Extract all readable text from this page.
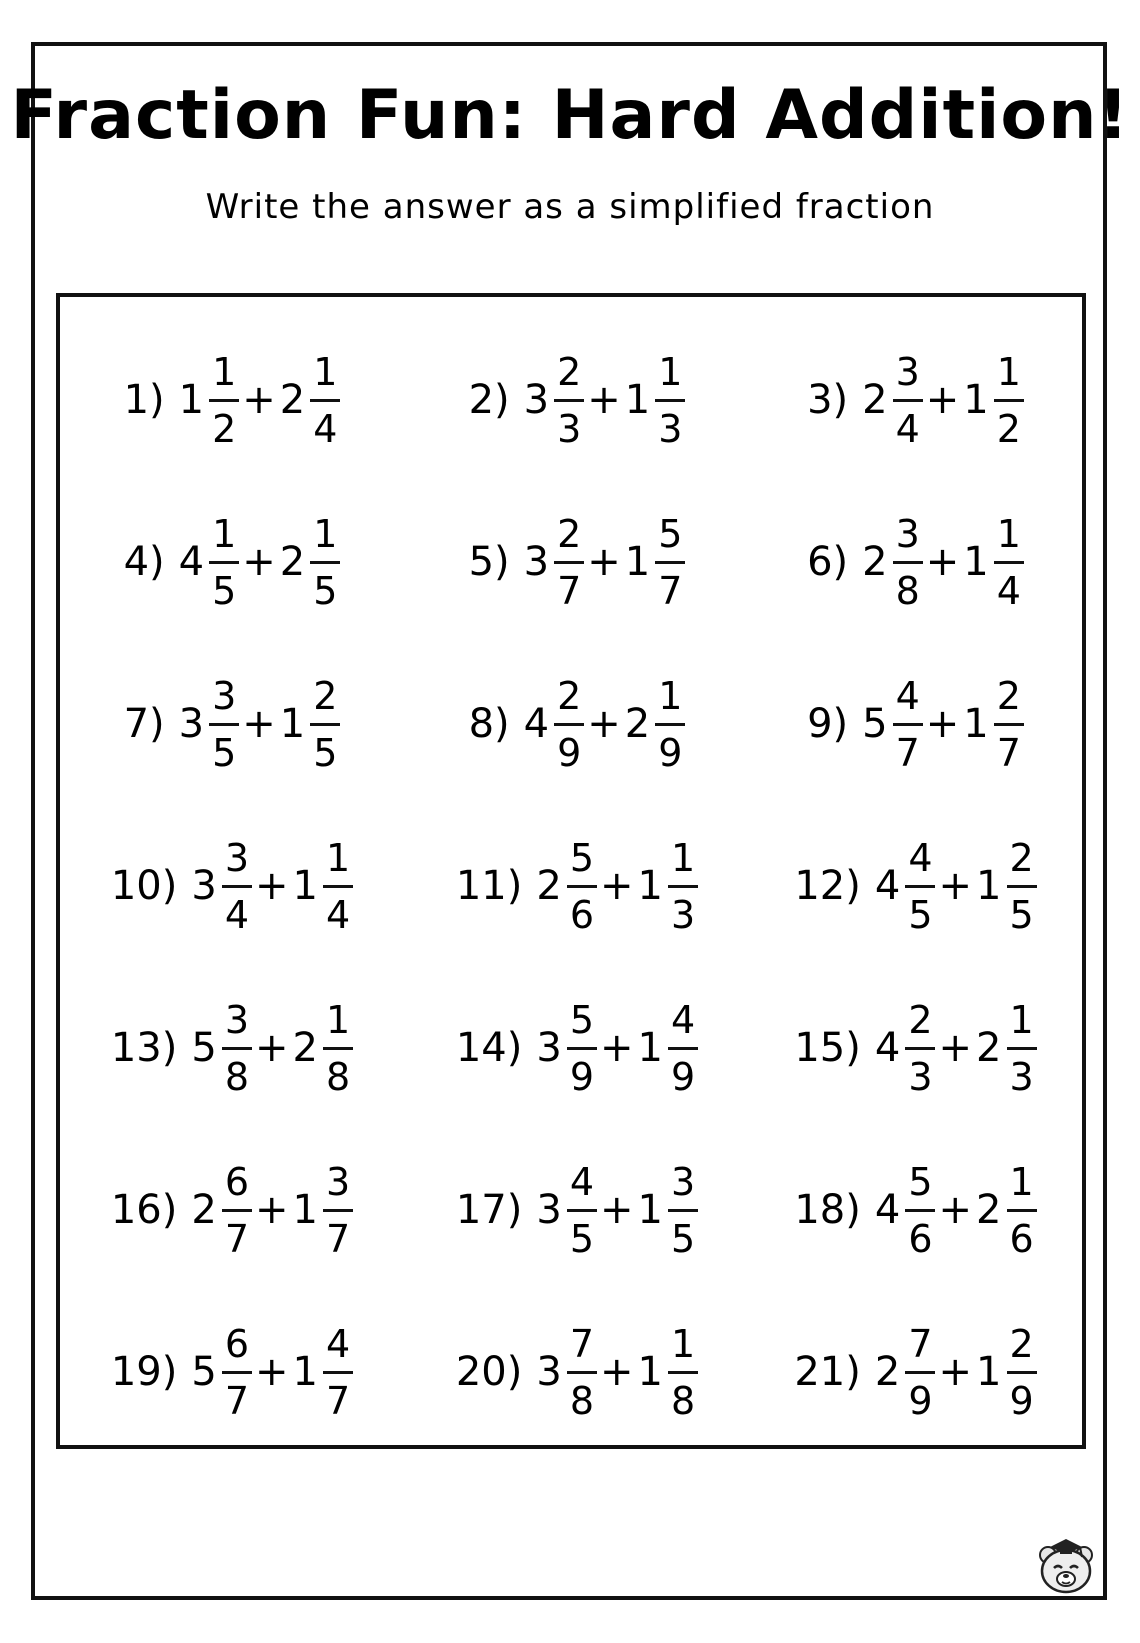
Fraction Fun: Hard Addition!
Write the answer as a simplified fraction
1) $1 \frac{1}{2} + 2 \frac{1}{4}$	2) $3 \frac{2}{3} + 1 \frac{1}{3}$	3) $2 \frac{3}{4} + 1 \frac{1}{2}$
4) $4 \frac{1}{5} + 2 \frac{1}{5}$	5) $3 \frac{2}{7} + 1 \frac{5}{7}$	6) $2 \frac{3}{8} + 1 \frac{1}{4}$
7) $3 \frac{3}{5} + 1 \frac{2}{5}$	8) $4 \frac{2}{9} + 2 \frac{1}{9}$	9) $5 \frac{4}{7} + 1 \frac{2}{7}$
10) $3 \frac{3}{4} + 1 \frac{1}{4}$	11) $2 \frac{5}{6} + 1 \frac{1}{3} 12$) $4 \frac{4}{5} + 1 \frac{2}{5}$
13) $5 \frac{3}{8} + 2 \frac{1}{8}$	14) $3 \frac{5}{9} + 1 \frac{4}{9} 15$) $4 \frac{2}{3} + 2 \frac{1}{3}$
16) $2 \frac{6}{7} + 1 \frac{3}{7}$	17) $3 \frac{4}{5} + 1 \frac{3}{5} 18$) $4 \frac{5}{6} + 2 \frac{1}{6}$
19) $5 \frac{6}{7} + 1 \frac{4}{7}$	20) $3 \frac{7}{8} + 1 \frac{1}{8} 21$) $2 \frac{7}{9} + 1 \frac{2}{9}$
